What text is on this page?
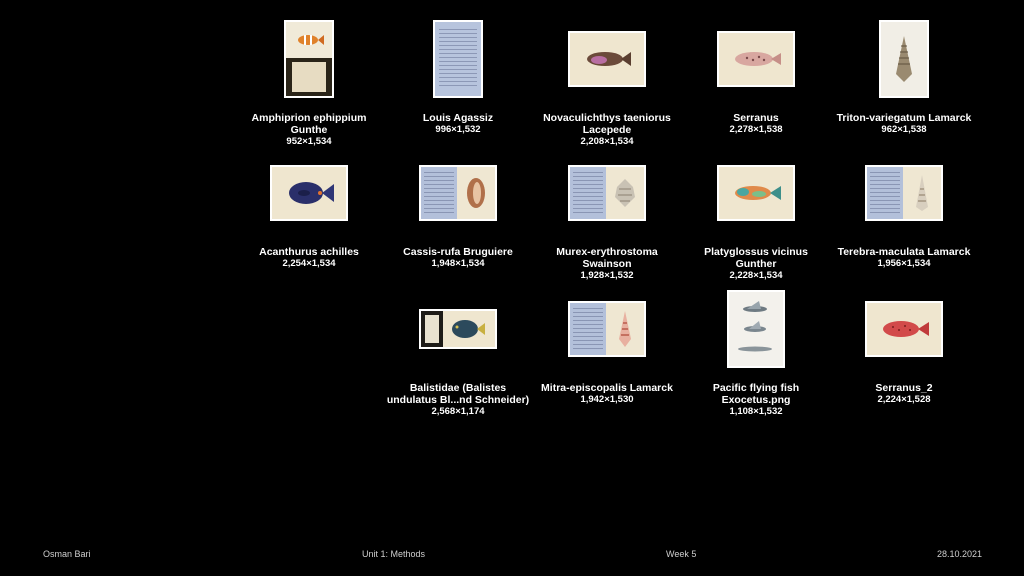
Amphiprion ephippium
Gunthe
952×1,534
Louis Agassiz
996×1,532
Novaculichthys taeniorus
Lacepede
2,208×1,534
Serranus
2,278×1,538
Triton-variegatum Lamarck
962×1,538
Acanthurus achilles
2,254×1,534
Cassis-rufa Bruguiere
1,948×1,534
Murex-erythrostoma
Swainson
1,928×1,532
Platyglossus vicinus
Gunther
2,228×1,534
Terebra-maculata Lamarck
1,956×1,534
Balistidae (Balistes
undulatus Bl...nd Schneider)
2,568×1,174
Mitra-episcopalis Lamarck
1,942×1,530
Pacific flying fish
Exocetus.png
1,108×1,532
Serranus_2
2,224×1,528
Osman Bari	Unit 1: Methods	Week 5	28.10.2021
